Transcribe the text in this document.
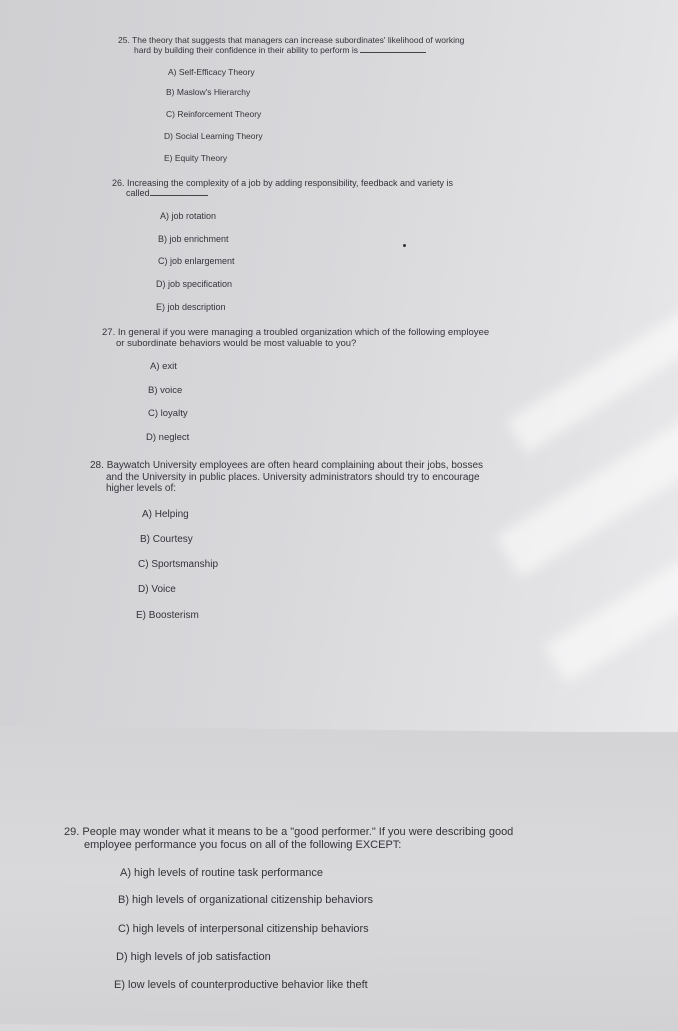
25. The theory that suggests that managers can increase subordinates' likelihood of working
hard by building their confidence in their ability to perform is
A) Self-Efficacy Theory
B) Maslow's Hierarchy
C) Reinforcement Theory
D) Social Learning Theory
E) Equity Theory
26. Increasing the complexity of a job by adding responsibility, feedback and variety is
called
A) job rotation
B) job enrichment
C) job enlargement
D) job specification
E) job description
27. In general if you were managing a troubled organization which of the following employee
or subordinate behaviors would be most valuable to you?
A) exit
B) voice
C) loyalty
D) neglect
28. Baywatch University employees are often heard complaining about their jobs, bosses
and the University in public places. University administrators should try to encourage
higher levels of:
A) Helping
B) Courtesy
C) Sportsmanship
D) Voice
E) Boosterism
29. People may wonder what it means to be a "good performer." If you were describing good
employee performance you focus on all of the following EXCEPT:
A) high levels of routine task performance
B) high levels of organizational citizenship behaviors
C) high levels of interpersonal citizenship behaviors
D) high levels of job satisfaction
E) low levels of counterproductive behavior like theft
